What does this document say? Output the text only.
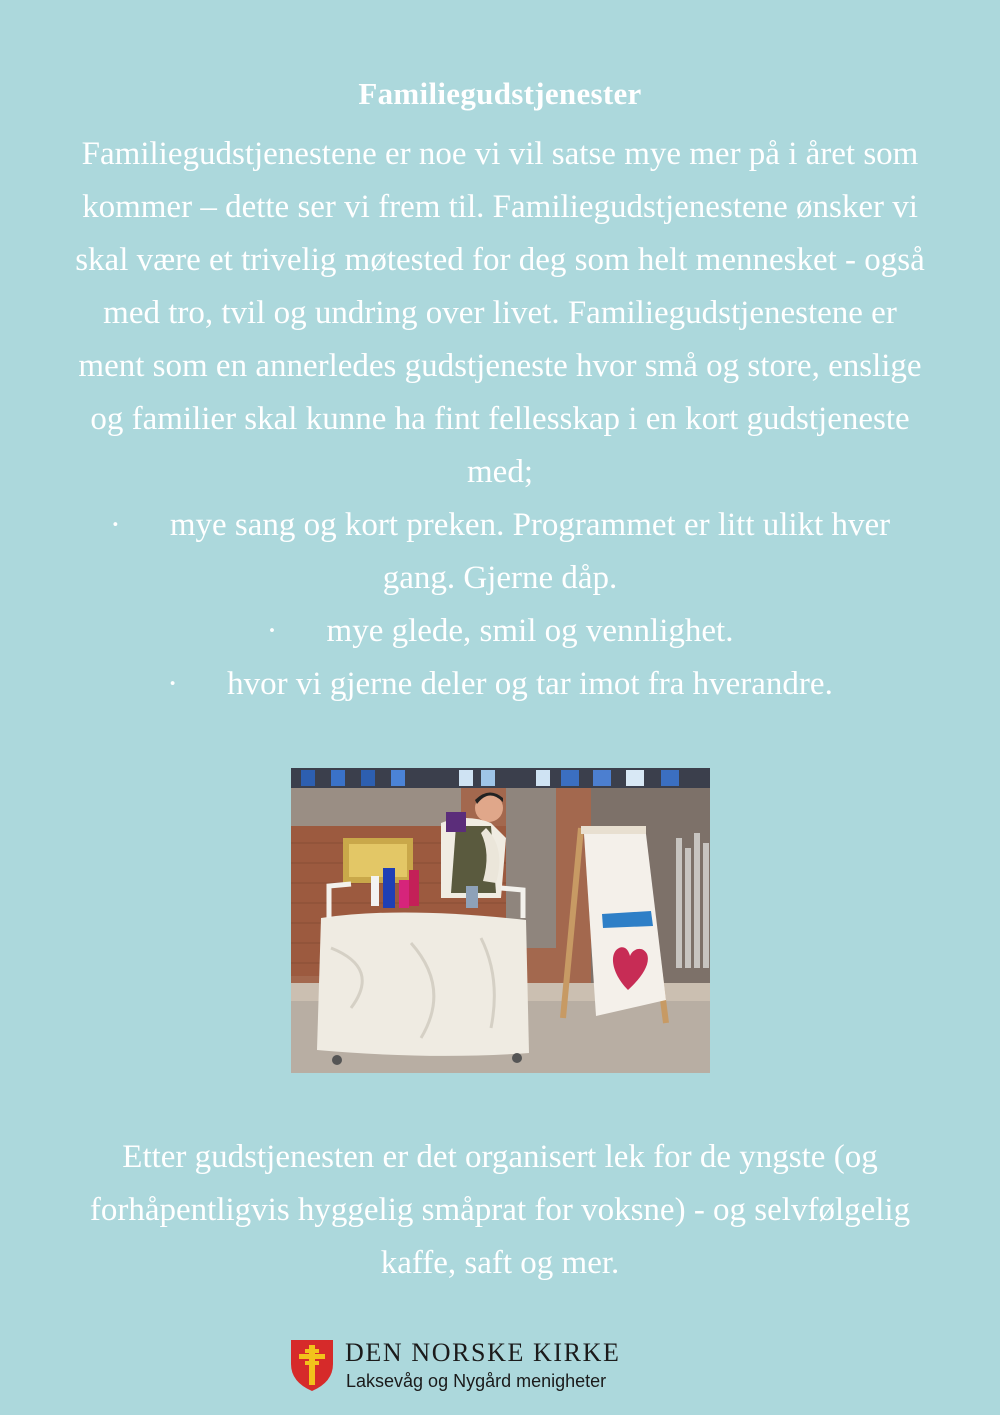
Familiegudstjenester

Familiegudstjenestene er noe vi vil satse mye mer på i året som

kommer – dette ser vi frem til. Familiegudstjenestene ønsker vi

skal være et trivelig møtested for deg som helt mennesket - også

med tro, tvil og undring over livet. Familiegudstjenestene er

ment som en annerledes gudstjeneste hvor små og store, enslige

og familier skal kunne ha fint fellesskap i en kort gudstjeneste

med;

· mye sang og kort preken. Programmet er litt ulikt hver

gang. Gjerne dåp.

· mye glede, smil og vennlighet.

· hvor vi gjerne deler og tar imot fra hverandre.

Etter gudstjenesten er det organisert lek for de yngste (og
forhåpentligvis hyggelig småprat for voksne) - og selvfølgelig
kaffe, saft og mer.
DEN NORSKE KIRKE
Laksevåg og Nygård menigheter
